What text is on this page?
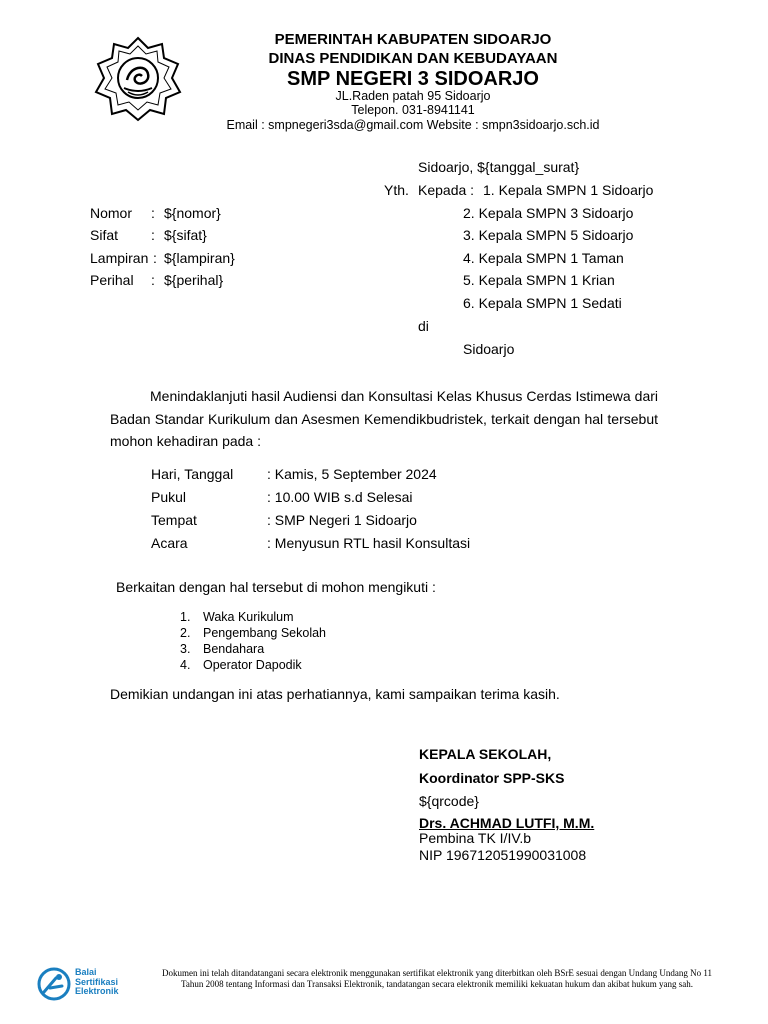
PEMERINTAH KABUPATEN SIDOARJO
DINAS PENDIDIKAN DAN KEBUDAYAAN
SMP NEGERI 3 SIDOARJO
JL.Raden patah 95 Sidoarjo
Telepon. 031-8941141
Email : smpnegeri3sda@gmail.com Website : smpn3sidoarjo.sch.id
Sidoarjo, ${tanggal_surat}
Yth. Kepada : 1. Kepala SMPN 1 Sidoarjo
2. Kepala SMPN 3 Sidoarjo
3. Kepala SMPN 5 Sidoarjo
4. Kepala SMPN 1 Taman
5. Kepala SMPN 1 Krian
6. Kepala SMPN 1 Sedati
di
Sidoarjo
Nomor : ${nomor}
Sifat : ${sifat}
Lampiran : ${lampiran}
Perihal : ${perihal}
Menindaklanjuti hasil Audiensi dan Konsultasi Kelas Khusus Cerdas Istimewa dari Badan Standar Kurikulum dan Asesmen Kemendikbudristek, terkait dengan hal tersebut mohon kehadiran pada :
Hari, Tanggal : Kamis, 5 September 2024
Pukul	: 10.00 WIB s.d Selesai
Tempat	: SMP Negeri 1 Sidoarjo
Acara	: Menyusun RTL hasil Konsultasi
Berkaitan dengan hal tersebut di mohon mengikuti :
1. Waka Kurikulum
2. Pengembang Sekolah
3. Bendahara
4. Operator Dapodik
Demikian undangan ini atas perhatiannya, kami sampaikan terima kasih.
KEPALA SEKOLAH,
Koordinator SPP-SKS
${qrcode}
Drs. ACHMAD LUTFI, M.M.
Pembina TK I/IV.b
NIP 196712051990031008
Balai
Sertifikasi
Elektronik
Dokumen ini telah ditandatangani secara elektronik menggunakan sertifikat elektronik yang diterbitkan oleh BSrE sesuai dengan Undang Undang No 11 Tahun 2008 tentang Informasi dan Transaksi Elektronik, tandatangan secara elektronik memiliki kekuatan hukum dan akibat hukum yang sah.
